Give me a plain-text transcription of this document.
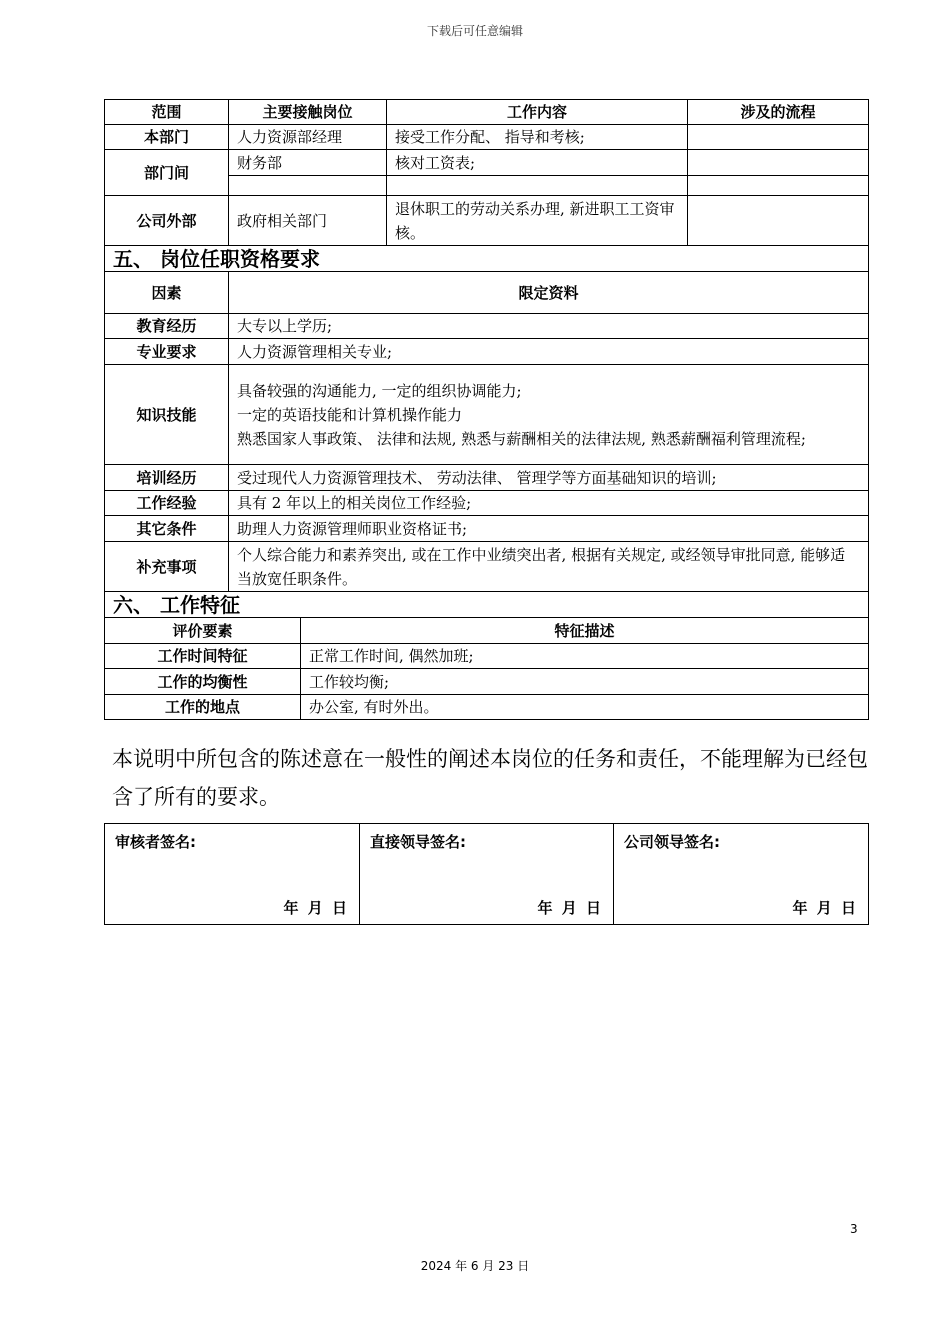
下载后可任意编辑
范围	主要接触岗位	工作内容	涉及的流程
本部门	人力资源部经理	接受工作分配、 指导和考核;	
部门间	财务部	核对工资表;	

公司外部	政府相关部门	退休职工的劳动关系办理, 新进职工工资审核。	
五、 岗位任职资格要求	
因素	限定资料
教育经历	大专以上学历;
专业要求	人力资源管理相关专业;
知识技能	具备较强的沟通能力, 一定的组织协调能力;
一定的英语技能和计算机操作能力
熟悉国家人事政策、 法律和法规, 熟悉与薪酬相关的法律法规, 熟悉薪酬福利管理流程;

培训经历	受过现代人力资源管理技术、 劳动法律、 管理学等方面基础知识的培训;
工作经验	具有 2 年以上的相关岗位工作经验;
其它条件	助理人力资源管理师职业资格证书;
补充事项	个人综合能力和素养突出, 或在工作中业绩突出者, 根据有关规定, 或经领导审批同意, 能够适当放宽任职条件。
六、 工作特征	
评价要素	特征描述
工作时间特征	正常工作时间, 偶然加班;
工作的均衡性	工作较均衡;
工作的地点	办公室, 有时外出。
本说明中所包含的陈述意在一般性的阐述本岗位的任务和责任，不能理解为已经包含了所有的要求。
审核者签名:
年 月 日

直接领导签名:
年 月 日

公司领导签名:
年 月 日
3
2024 年 6 月 23 日
